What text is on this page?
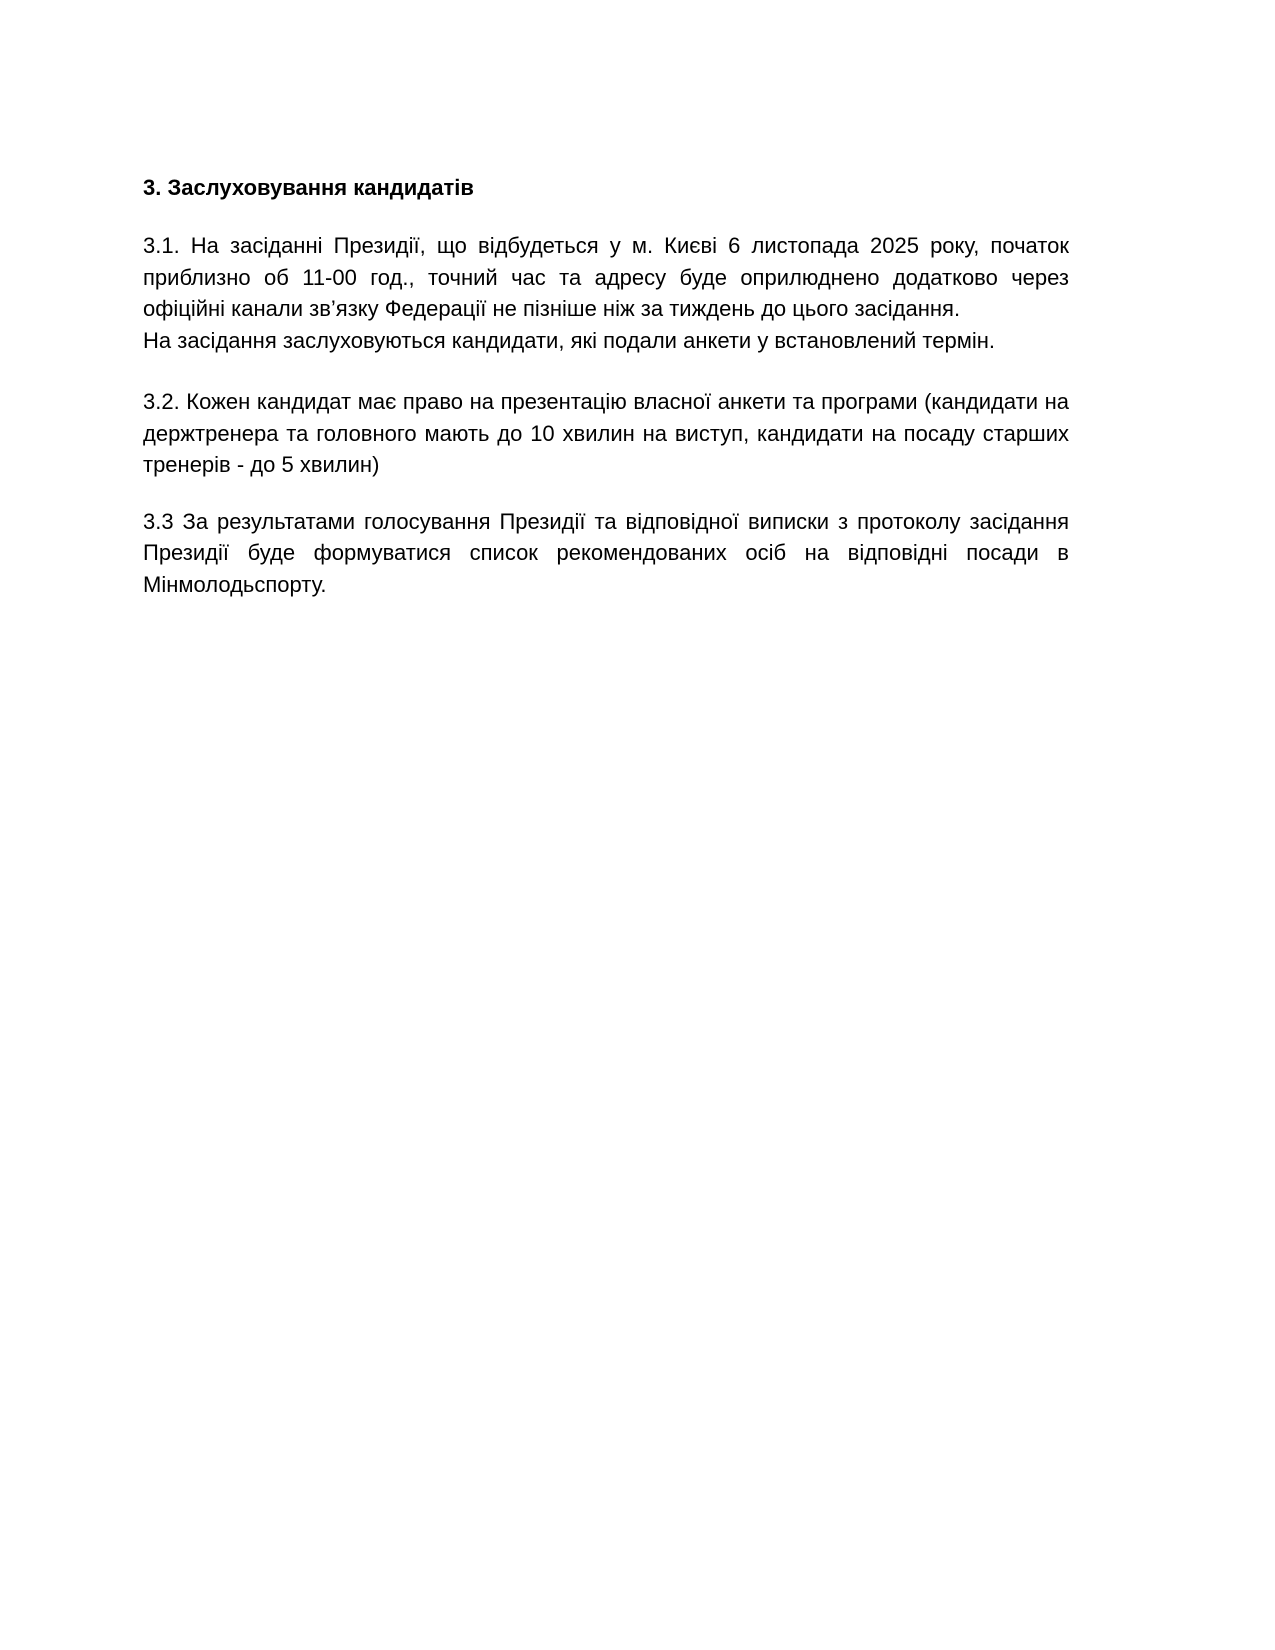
3. Заслуховування кандидатів

3.1. На засіданні Президії, що відбудеться у м. Києві 6 листопада 2025 року, початок приблизно об 11-00 год., точний час та адресу буде оприлюднено додатково через офіційні канали зв’язку Федерації не пізніше ніж за тиждень до цього засідання.

На засідання заслуховуються кандидати, які подали анкети у встановлений термін.

3.2. Кожен кандидат має право на презентацію власної анкети та програми (кандидати на держтренера та головного мають до 10 хвилин на виступ, кандидати на посаду старших тренерів - до 5 хвилин)

3.3 За результатами голосування Президії та відповідної виписки з протоколу засідання Президії буде формуватися список рекомендованих осіб на відповідні посади в Мінмолодьспорту.
